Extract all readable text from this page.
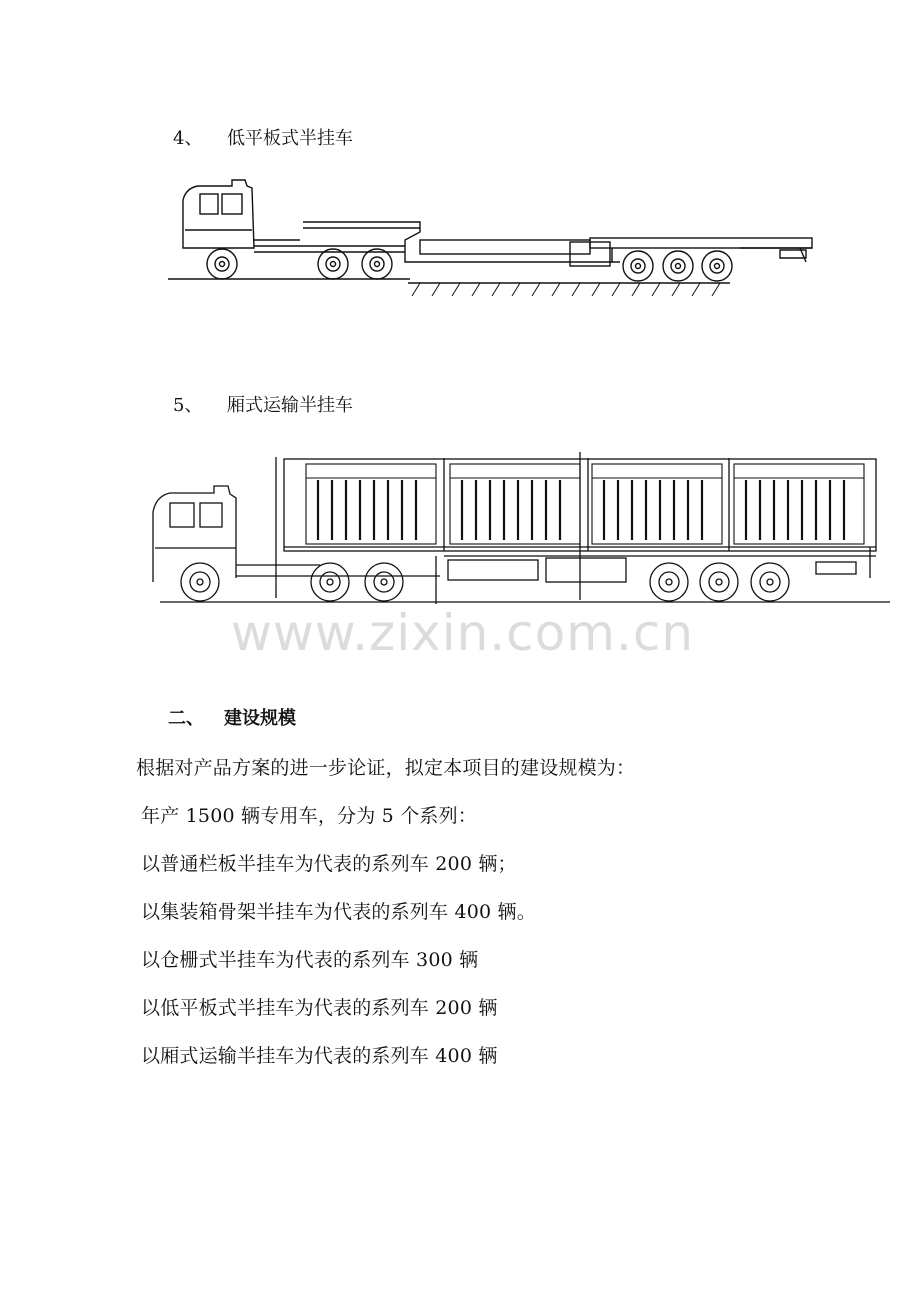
4、 低平板式半挂车
5、 厢式运输半挂车
www.zixin.com.cn
二、 建设规模
根据对产品方案的进一步论证，拟定本项目的建设规模为：
年产 1500 辆专用车，分为 5 个系列：
以普通栏板半挂车为代表的系列车 200 辆；
以集装箱骨架半挂车为代表的系列车 400 辆。
以仓栅式半挂车为代表的系列车 300 辆
以低平板式半挂车为代表的系列车 200 辆
以厢式运输半挂车为代表的系列车 400 辆
